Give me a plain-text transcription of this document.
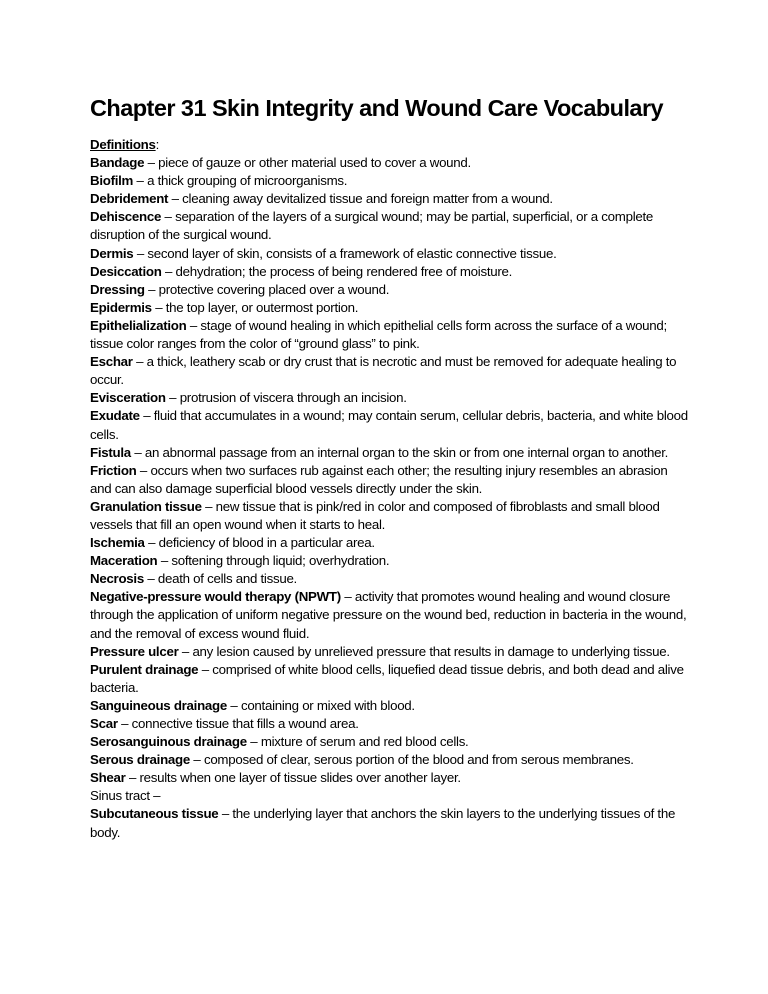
Chapter 31 Skin Integrity and Wound Care Vocabulary
Definitions:

Bandage – piece of gauze or other material used to cover a wound.

Biofilm – a thick grouping of microorganisms.

Debridement – cleaning away devitalized tissue and foreign matter from a wound.

Dehiscence – separation of the layers of a surgical wound; may be partial, superficial, or a complete disruption of the surgical wound.

Dermis – second layer of skin, consists of a framework of elastic connective tissue.

Desiccation – dehydration; the process of being rendered free of moisture.

Dressing – protective covering placed over a wound.

Epidermis – the top layer, or outermost portion.

Epithelialization – stage of wound healing in which epithelial cells form across the surface of a wound; tissue color ranges from the color of “ground glass” to pink.

Eschar – a thick, leathery scab or dry crust that is necrotic and must be removed for adequate healing to occur.

Evisceration – protrusion of viscera through an incision.

Exudate – fluid that accumulates in a wound; may contain serum, cellular debris, bacteria, and white blood cells.

Fistula – an abnormal passage from an internal organ to the skin or from one internal organ to another.

Friction – occurs when two surfaces rub against each other; the resulting injury resembles an abrasion and can also damage superficial blood vessels directly under the skin.

Granulation tissue – new tissue that is pink/red in color and composed of fibroblasts and small blood vessels that fill an open wound when it starts to heal.

Ischemia – deficiency of blood in a particular area.

Maceration – softening through liquid; overhydration.

Necrosis – death of cells and tissue.

Negative-pressure would therapy (NPWT) – activity that promotes wound healing and wound closure through the application of uniform negative pressure on the wound bed, reduction in bacteria in the wound, and the removal of excess wound fluid.

Pressure ulcer – any lesion caused by unrelieved pressure that results in damage to underlying tissue.

Purulent drainage – comprised of white blood cells, liquefied dead tissue debris, and both dead and alive bacteria.

Sanguineous drainage – containing or mixed with blood.

Scar – connective tissue that fills a wound area.

Serosanguinous drainage – mixture of serum and red blood cells.

Serous drainage – composed of clear, serous portion of the blood and from serous membranes.

Shear – results when one layer of tissue slides over another layer.

Sinus tract –

Subcutaneous tissue – the underlying layer that anchors the skin layers to the underlying tissues of the body.
